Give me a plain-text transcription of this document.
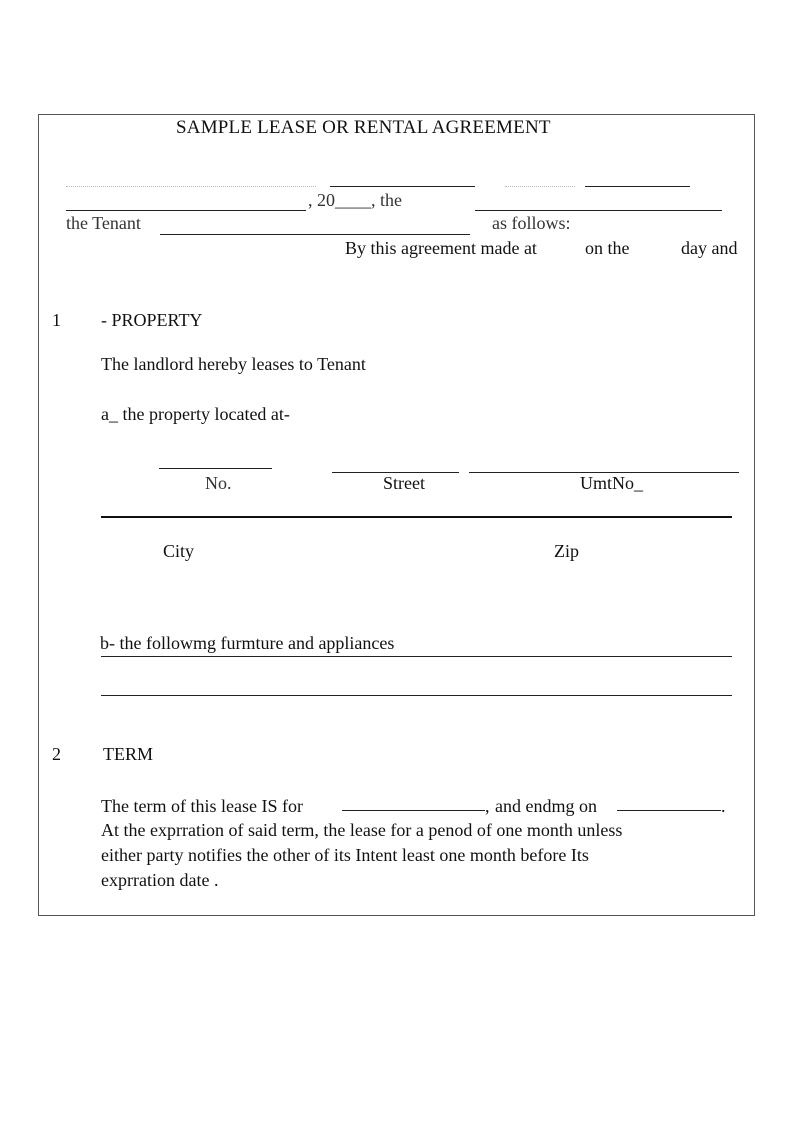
SAMPLE LEASE OR RENTAL AGREEMENT
, 20____, the
the Tenant	as follows:
By this agreement made at	on the	day and
1 - PROPERTY
The landlord hereby leases to Tenant
a_ the property located at-
No.	Street	UmtNo_
City	Zip
b- the followmg furmture and appliances
2 TERM
The term of this lease IS for	, and endmg on	.
At the exprration of said term, the lease for a penod of one month unless
either party notifies the other of its Intent least one month before Its
exprration date .
